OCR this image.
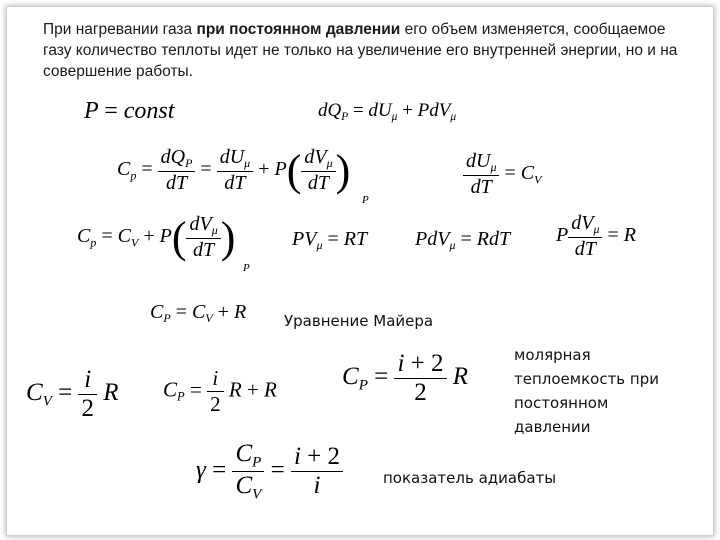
При нагревании газа при постоянном давлении его объем изменяется, сообщаемое газу количество теплоты идет не только на увеличение его внутренней энергии, но и на совершение работы.
P = const	$dQ_P = dU_\mu + PdV_\mu$
$C_p = \frac{dQ_P}{dT} = \frac{dU_\mu}{dT} + P( \frac{dV_\mu}{dT}$ )
P
$\frac{dU_\mu}{dT} = C_V$
$C_p = C_V + P( \frac{dV_\mu}{dT}$ )
P
$PV_\mu$ = RT PdV$_\mu$ = RdT P $\frac{dV_\mu}{dT} = R$
$C_P = C_V + R$	Уравнение Майера
$C_V = \frac{i}{2}$ R $C_P = \frac{i}{2}$ R + R	$C_P = \frac{i + 2}{2}$ R
молярная
теплоемкость при
постоянном
давлении
$\gamma = \frac{C_P}{C_V} = \frac{i + 2}{i}$	показатель адиабаты
